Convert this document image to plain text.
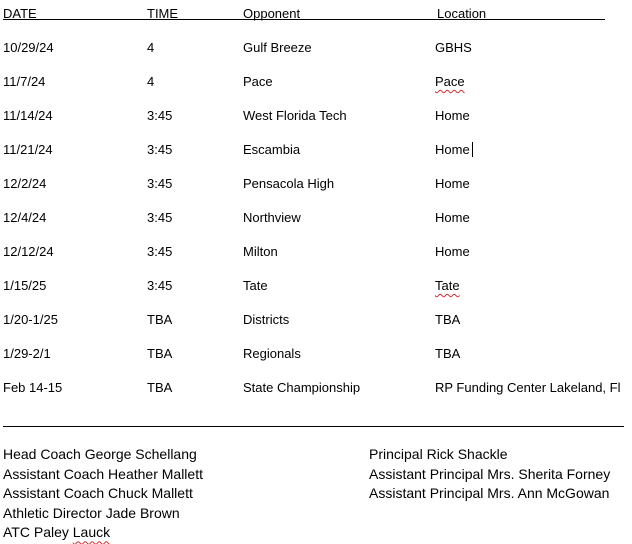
DATE	TIME	Opponent	Location
10/29/24	4	Gulf Breeze	GBHS
11/7/24	4	Pace	Pace
11/14/24	3:45	West Florida Tech	Home
11/21/24	3:45	Escambia	Home
12/2/24	3:45	Pensacola High	Home
12/4/24	3:45	Northview	Home
12/12/24	3:45	Milton	Home
1/15/25	3:45	Tate	Tate
1/20-1/25	TBA	Districts	TBA
1/29-2/1	TBA	Regionals	TBA
Feb 14-15	TBA	State Championship	RP Funding Center Lakeland, Fl
Head Coach George Schellang
Assistant Coach Heather Mallett
Assistant Coach Chuck Mallett
Athletic Director Jade Brown
ATC Paley Lauck
Principal Rick Shackle
Assistant Principal Mrs. Sherita Forney
Assistant Principal Mrs. Ann McGowan
